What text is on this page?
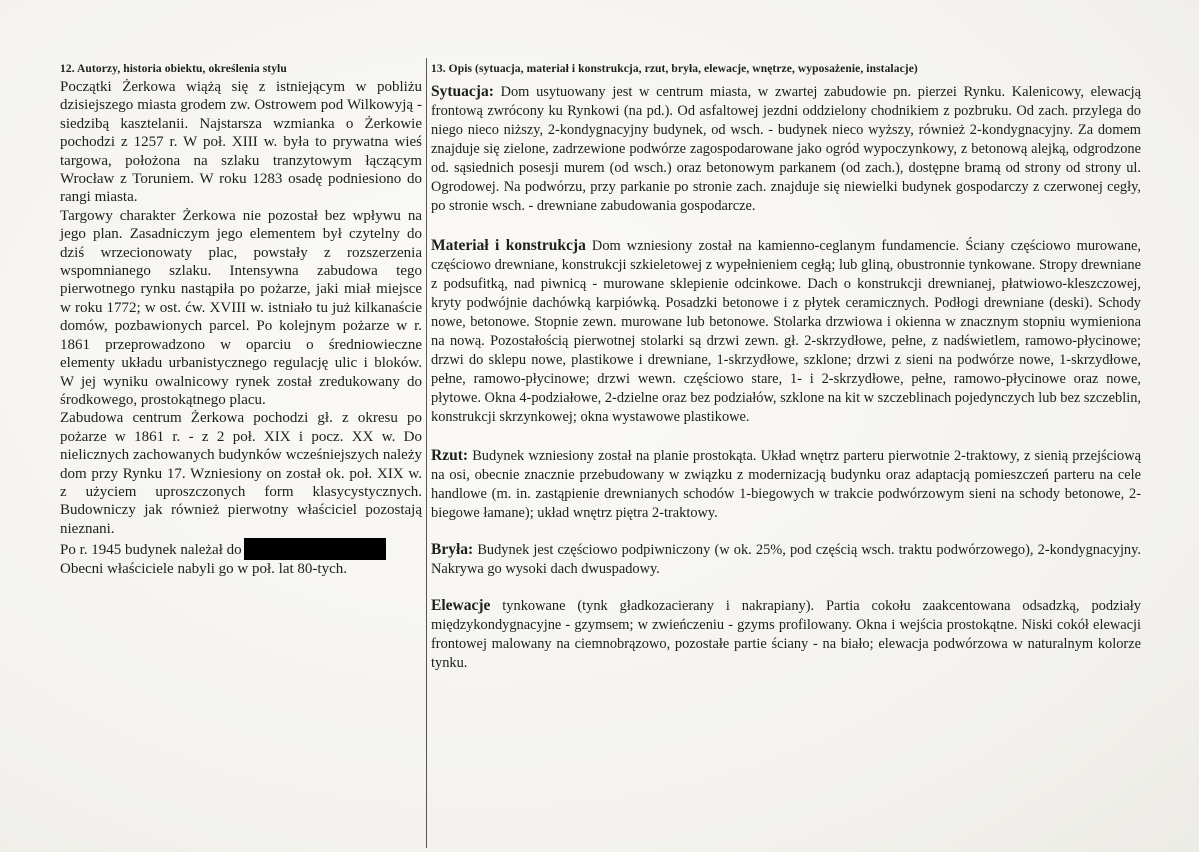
12. Autorzy, historia obiektu, określenia stylu

Początki Żerkowa wiążą się z istniejącym w pobliżu dzisiejszego miasta grodem zw. Ostrowem pod Wilkowyją - siedzibą kasztelanii. Najstarsza wzmianka o Żerkowie pochodzi z 1257 r. W poł. XIII w. była to prywatna wieś targowa, położona na szlaku tranzytowym łączącym Wrocław z Toruniem. W roku 1283 osadę podniesiono do rangi miasta.

Targowy charakter Żerkowa nie pozostał bez wpływu na jego plan. Zasadniczym jego elementem był czytelny do dziś wrzecionowaty plac, powstały z rozszerzenia wspomnianego szlaku. Intensywna zabudowa tego pierwotnego rynku nastąpiła po pożarze, jaki miał miejsce w roku 1772; w ost. ćw. XVIII w. istniało tu już kilkanaście domów, pozbawionych parcel. Po kolejnym pożarze w r. 1861 przeprowadzono w oparciu o średniowieczne elementy układu urbanistycznego regulację ulic i bloków. W jej wyniku owalnicowy rynek został zredukowany do środkowego, prostokątnego placu.

Zabudowa centrum Żerkowa pochodzi gł. z okresu po pożarze w 1861 r. - z 2 poł. XIX i pocz. XX w. Do nielicznych zachowanych budynków wcześniejszych należy dom przy Rynku 17. Wzniesiony on został ok. poł. XIX w. z użyciem uproszczonych form klasycystycznych. Budowniczy jak również pierwotny właściciel pozostają nieznani.

Po r. 1945 budynek należał do

Obecni właściciele nabyli go w poł. lat 80-tych.

13. Opis (sytuacja, materiał i konstrukcja, rzut, bryła, elewacje, wnętrze, wyposażenie, instalacje)

Sytuacja: Dom usytuowany jest w centrum miasta, w zwartej zabudowie pn. pierzei Rynku. Kalenicowy, elewacją frontową zwrócony ku Rynkowi (na pd.). Od asfaltowej jezdni oddzielony chodnikiem z pozbruku. Od zach. przylega do niego nieco niższy, 2-kondygnacyjny budynek, od wsch. - budynek nieco wyższy, również 2-kondygnacyjny. Za domem znajduje się zielone, zadrzewione podwórze zagospodarowane jako ogród wypoczynkowy, z betonową alejką, odgrodzone od. sąsiednich posesji murem (od wsch.) oraz betonowym parkanem (od zach.), dostępne bramą od strony od strony ul. Ogrodowej. Na podwórzu, przy parkanie po stronie zach. znajduje się niewielki budynek gospodarczy z czerwonej cegły, po stronie wsch. - drewniane zabudowania gospodarcze.

Materiał i konstrukcja Dom wzniesiony został na kamienno-ceglanym fundamencie. Ściany częściowo murowane, częściowo drewniane, konstrukcji szkieletowej z wypełnieniem cegłą; lub gliną, obustronnie tynkowane. Stropy drewniane z podsufitką, nad piwnicą - murowane sklepienie odcinkowe. Dach o konstrukcji drewnianej, płatwiowo-kleszczowej, kryty podwójnie dachówką karpiówką. Posadzki betonowe i z płytek ceramicznych. Podłogi drewniane (deski). Schody nowe, betonowe. Stopnie zewn. murowane lub betonowe. Stolarka drzwiowa i okienna w znacznym stopniu wymieniona na nową. Pozostałością pierwotnej stolarki są drzwi zewn. gł. 2-skrzydłowe, pełne, z nadświetlem, ramowo-płycinowe; drzwi do sklepu nowe, plastikowe i drewniane, 1-skrzydłowe, szklone; drzwi z sieni na podwórze nowe, 1-skrzydłowe, pełne, ramowo-płycinowe; drzwi wewn. częściowo stare, 1- i 2-skrzydłowe, pełne, ramowo-płycinowe oraz nowe, płytowe. Okna 4-podziałowe, 2-dzielne oraz bez podziałów, szklone na kit w szczeblinach pojedynczych lub bez szczeblin, konstrukcji skrzynkowej; okna wystawowe plastikowe.

Rzut: Budynek wzniesiony został na planie prostokąta. Układ wnętrz parteru pierwotnie 2-traktowy, z sienią przejściową na osi, obecnie znacznie przebudowany w związku z modernizacją budynku oraz adaptacją pomieszczeń parteru na cele handlowe (m. in. zastąpienie drewnianych schodów 1-biegowych w trakcie podwórzowym sieni na schody betonowe, 2-biegowe łamane); układ wnętrz piętra 2-traktowy.

Bryła: Budynek jest częściowo podpiwniczony (w ok. 25%, pod częścią wsch. traktu podwórzowego), 2-kondygnacyjny. Nakrywa go wysoki dach dwuspadowy.

Elewacje tynkowane (tynk gładkozacierany i nakrapiany). Partia cokołu zaakcentowana odsadzką, podziały międzykondygnacyjne - gzymsem; w zwieńczeniu - gzyms profilowany. Okna i wejścia prostokątne. Niski cokół elewacji frontowej malowany na ciemnobrązowo, pozostałe partie ściany - na biało; elewacja podwórzowa w naturalnym kolorze tynku.
